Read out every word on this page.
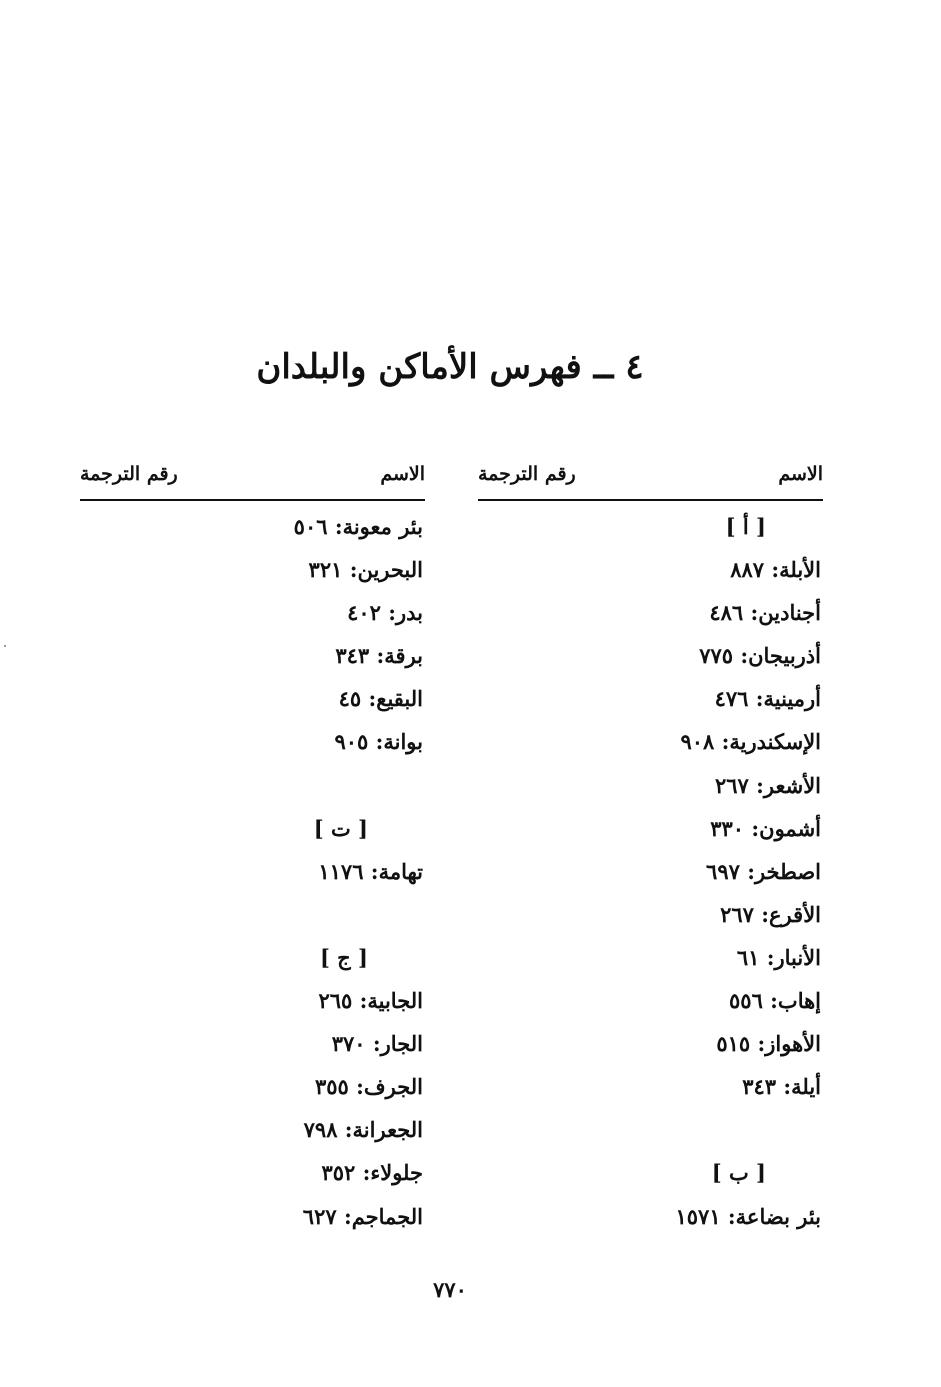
٤ ــ فهرس الأماكن والبلدان
الاسم
رقم الترجمة
[ أ ]
الأبلة: ٨٨٧
أجنادين: ٤٨٦
أذربيجان: ٧٧٥
أرمينية: ٤٧٦
الإسكندرية: ٩٠٨
الأشعر: ٢٦٧
أشمون: ٣٣٠
اصطخر: ٦٩٧
الأقرع: ٢٦٧
الأنبار: ٦١
إهاب: ٥٥٦
الأهواز: ٥١٥
أيلة: ٣٤٣
[ ب ]
بئر بضاعة: ١٥٧١
الاسم
رقم الترجمة
بئر معونة: ٥٠٦
البحرين: ٣٢١
بدر: ٤٠٢
برقة: ٣٤٣
البقيع: ٤٥
بوانة: ٩٠٥
[ ت ]
تهامة: ١١٧٦
[ ج ]
الجابية: ٢٦٥
الجار: ٣٧٠
الجرف: ٣٥٥
الجعرانة: ٧٩٨
جلولاء: ٣٥٢
الجماجم: ٦٢٧
٧٧٠
